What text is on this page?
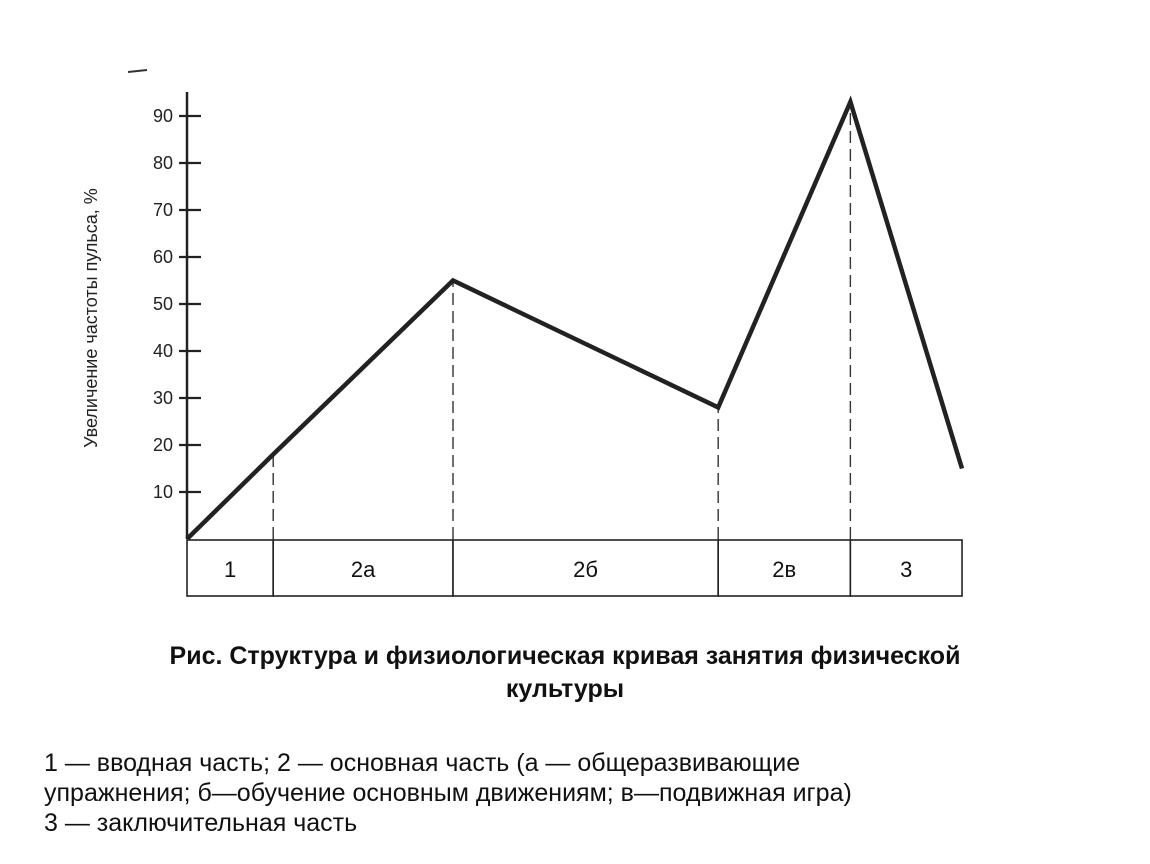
10
20
30
40
50
60
70
80
90
1	2а	2б	2в	3
Увеличение частоты пульса, %
Рис. Структура и физиологическая кривая занятия физической
культуры
1 — вводная часть; 2 — основная часть (а — общеразвивающие
упражнения; б—обучение основным движениям; в—подвижная игра)
3 — заключительная часть
